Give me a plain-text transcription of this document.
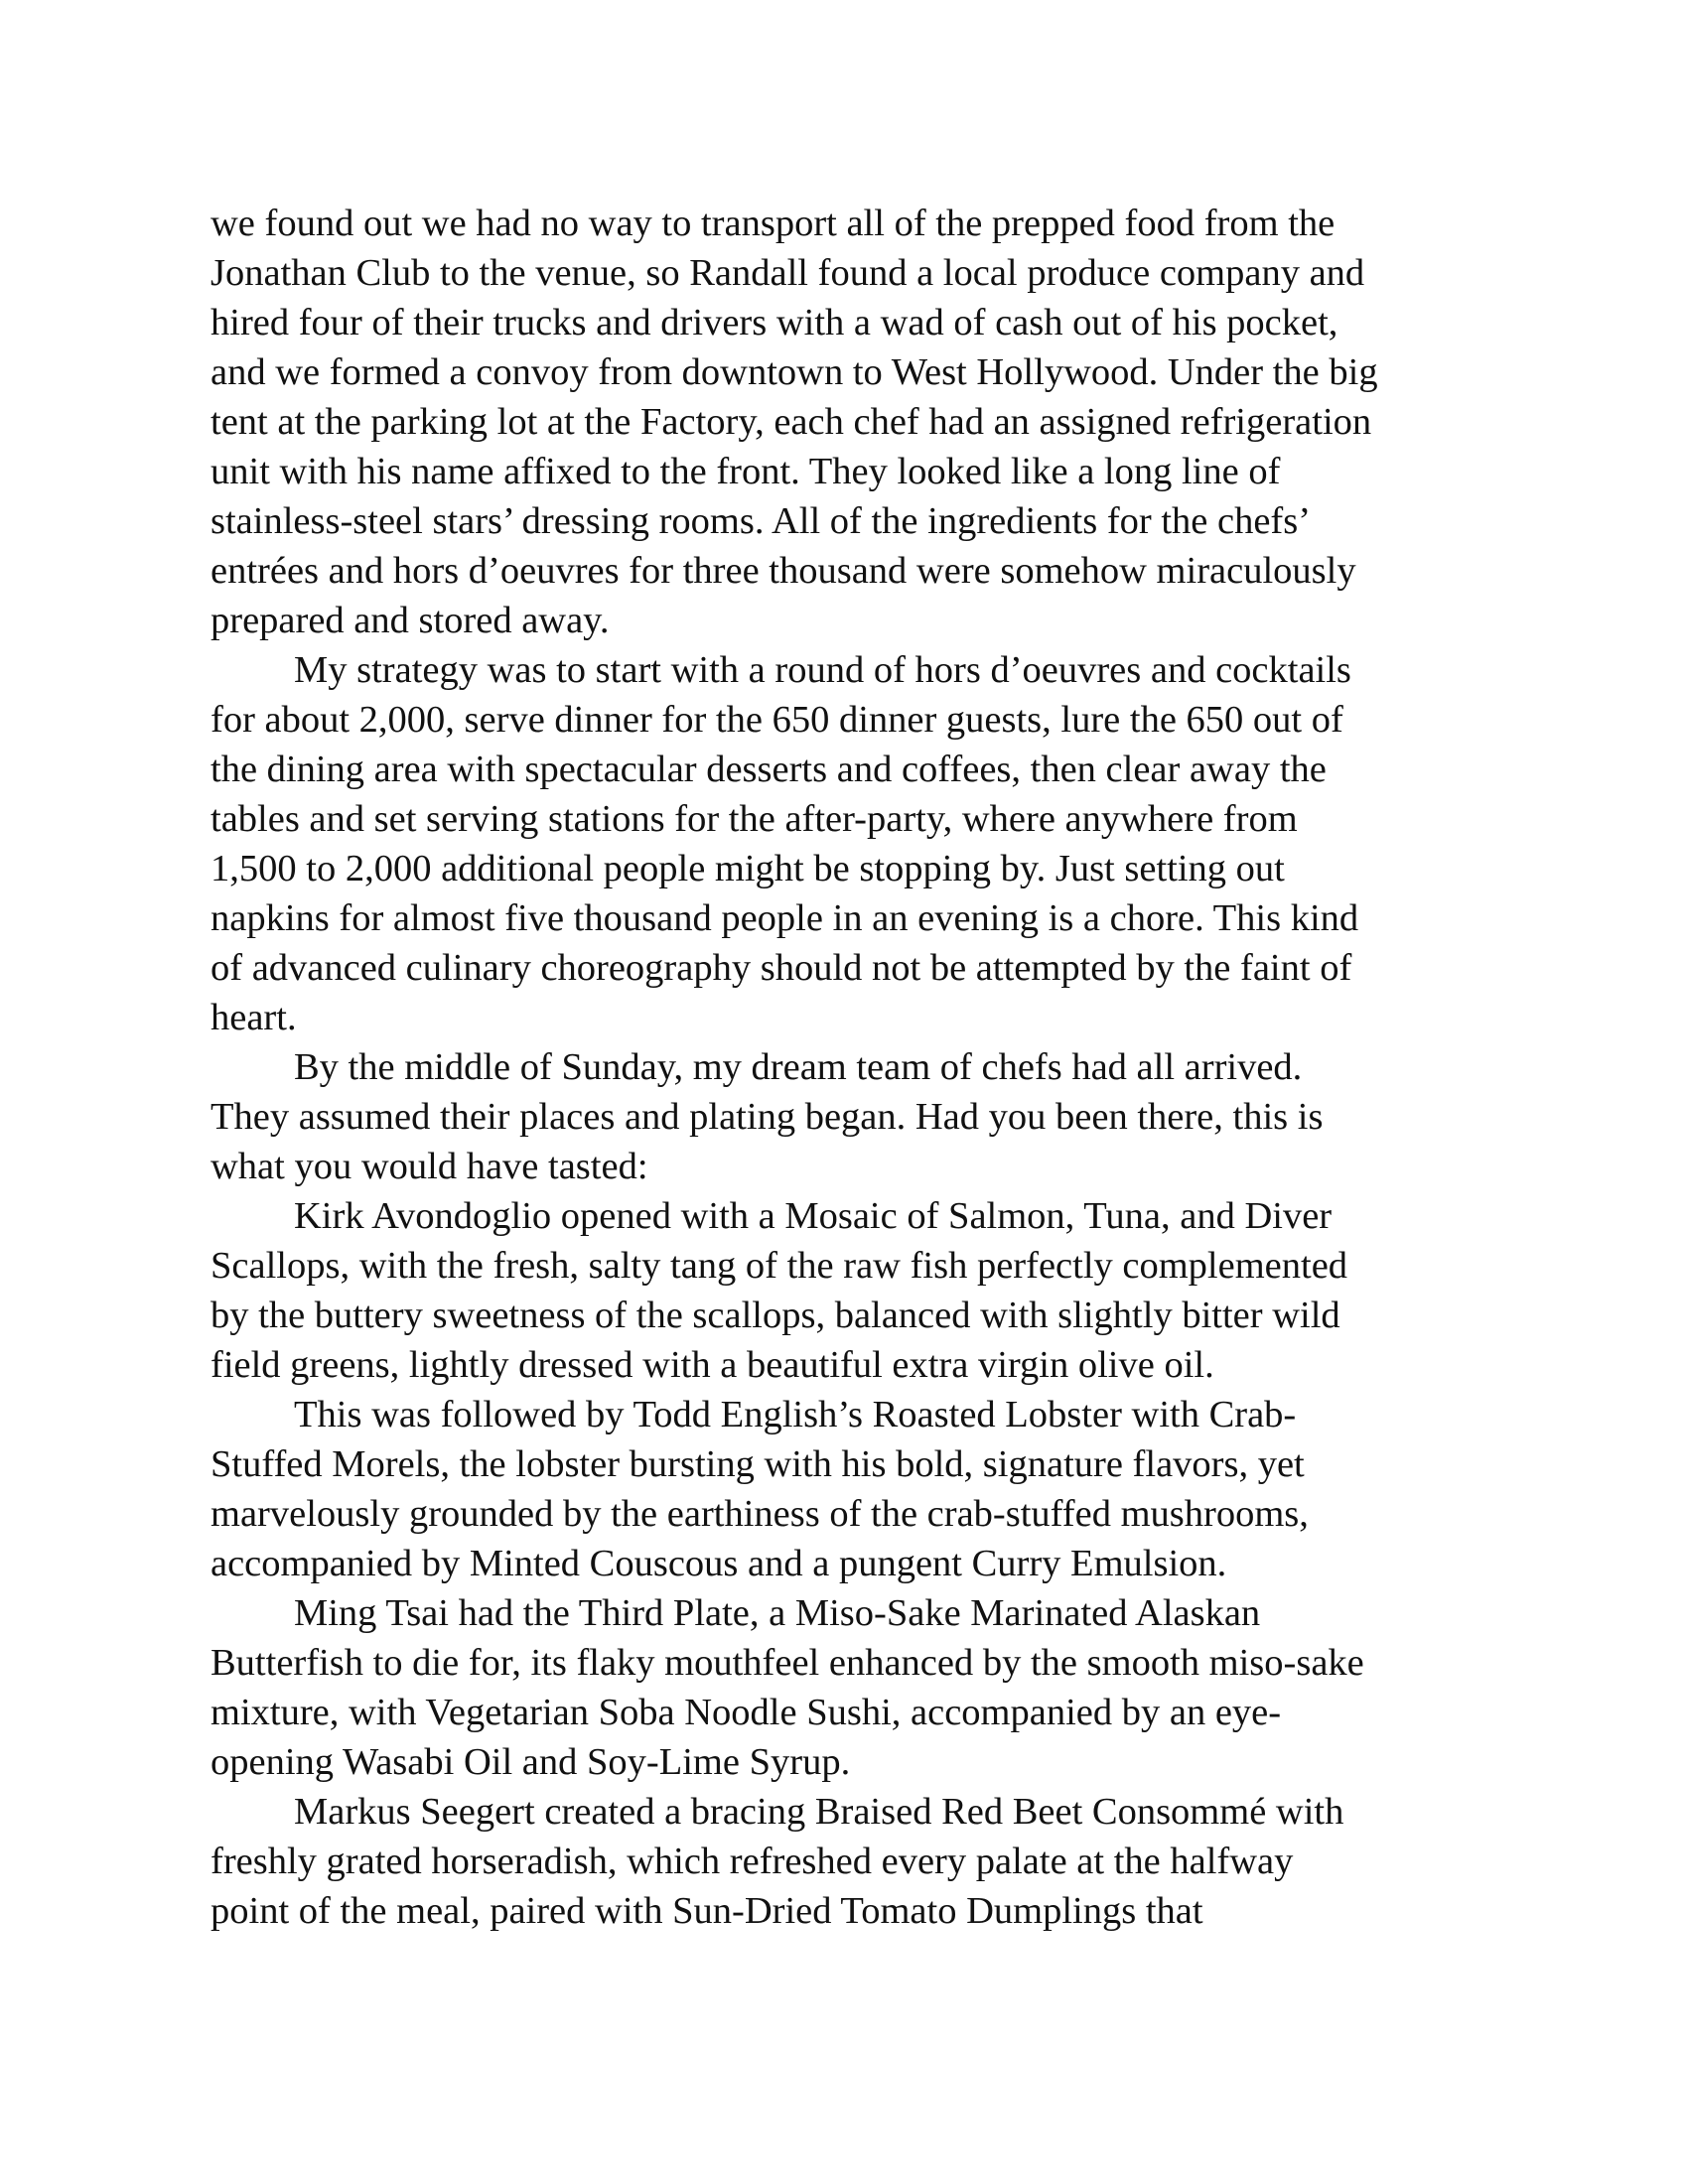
we found out we had no way to transport all of the prepped food from the
Jonathan Club to the venue, so Randall found a local produce company and
hired four of their trucks and drivers with a wad of cash out of his pocket,
and we formed a convoy from downtown to West Hollywood. Under the big
tent at the parking lot at the Factory, each chef had an assigned refrigeration
unit with his name affixed to the front. They looked like a long line of
stainless-steel stars’ dressing rooms. All of the ingredients for the chefs’
entrées and hors d’oeuvres for three thousand were somehow miraculously
prepared and stored away.

My strategy was to start with a round of hors d’oeuvres and cocktails
for about 2,000, serve dinner for the 650 dinner guests, lure the 650 out of
the dining area with spectacular desserts and coffees, then clear away the
tables and set serving stations for the after-party, where anywhere from
1,500 to 2,000 additional people might be stopping by. Just setting out
napkins for almost five thousand people in an evening is a chore. This kind
of advanced culinary choreography should not be attempted by the faint of
heart.

By the middle of Sunday, my dream team of chefs had all arrived.
They assumed their places and plating began. Had you been there, this is
what you would have tasted:

Kirk Avondoglio opened with a Mosaic of Salmon, Tuna, and Diver
Scallops, with the fresh, salty tang of the raw fish perfectly complemented
by the buttery sweetness of the scallops, balanced with slightly bitter wild
field greens, lightly dressed with a beautiful extra virgin olive oil.

This was followed by Todd English’s Roasted Lobster with Crab-
Stuffed Morels, the lobster bursting with his bold, signature flavors, yet
marvelously grounded by the earthiness of the crab-stuffed mushrooms,
accompanied by Minted Couscous and a pungent Curry Emulsion.

Ming Tsai had the Third Plate, a Miso-Sake Marinated Alaskan
Butterfish to die for, its flaky mouthfeel enhanced by the smooth miso-sake
mixture, with Vegetarian Soba Noodle Sushi, accompanied by an eye-
opening Wasabi Oil and Soy-Lime Syrup.

Markus Seegert created a bracing Braised Red Beet Consommé with
freshly grated horseradish, which refreshed every palate at the halfway
point of the meal, paired with Sun-Dried Tomato Dumplings that
